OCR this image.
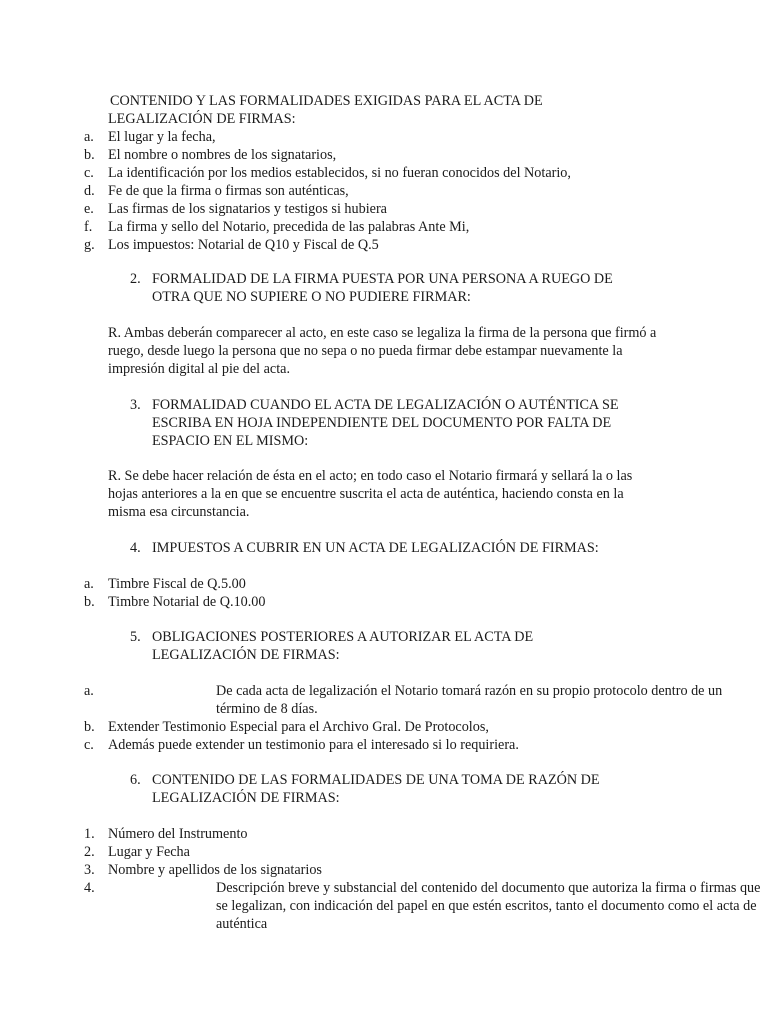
CONTENIDO Y LAS FORMALIDADES EXIGIDAS PARA EL ACTA DE LEGALIZACIÓN DE FIRMAS:
a. El lugar y la fecha,
b. El nombre o nombres de los signatarios,
c. La identificación por los medios establecidos, si no fueran conocidos del Notario,
d. Fe de que la firma o firmas son auténticas,
e. Las firmas de los signatarios y testigos si hubiera
f. La firma y sello del Notario, precedida de las palabras Ante Mi,
g. Los impuestos: Notarial de Q10 y Fiscal de Q.5
2. FORMALIDAD DE LA FIRMA PUESTA POR UNA PERSONA A RUEGO DE OTRA QUE NO SUPIERE O NO PUDIERE FIRMAR:
R. Ambas deberán comparecer al acto, en este caso se legaliza la firma de la persona que firmó a ruego, desde luego la persona que no sepa o no pueda firmar debe estampar nuevamente la impresión digital al pie del acta.
3. FORMALIDAD CUANDO EL ACTA DE LEGALIZACIÓN O AUTÉNTICA SE ESCRIBA EN HOJA INDEPENDIENTE DEL DOCUMENTO POR FALTA DE ESPACIO EN EL MISMO:
R. Se debe hacer relación de ésta en el acto; en todo caso el Notario firmará y sellará la o las hojas anteriores a la en que se encuentre suscrita el acta de auténtica, haciendo consta en la misma esa circunstancia.
4. IMPUESTOS A CUBRIR EN UN ACTA DE LEGALIZACIÓN DE FIRMAS:
a. Timbre Fiscal de Q.5.00
b. Timbre Notarial de Q.10.00
5. OBLIGACIONES POSTERIORES A AUTORIZAR EL ACTA DE LEGALIZACIÓN DE FIRMAS:
a.	De cada acta de legalización el Notario tomará razón en su propio protocolo dentro de un término de 8 días.
b. Extender Testimonio Especial para el Archivo Gral. De Protocolos,
c. Además puede extender un testimonio para el interesado si lo requiriera.
6. CONTENIDO DE LAS FORMALIDADES DE UNA TOMA DE RAZÓN DE LEGALIZACIÓN DE FIRMAS:
1. Número del Instrumento
2. Lugar y Fecha
3. Nombre y apellidos de los signatarios
4.	Descripción breve y substancial del contenido del documento que autoriza la firma o firmas que se legalizan, con indicación del papel en que estén escritos, tanto el documento como el acta de auténtica
